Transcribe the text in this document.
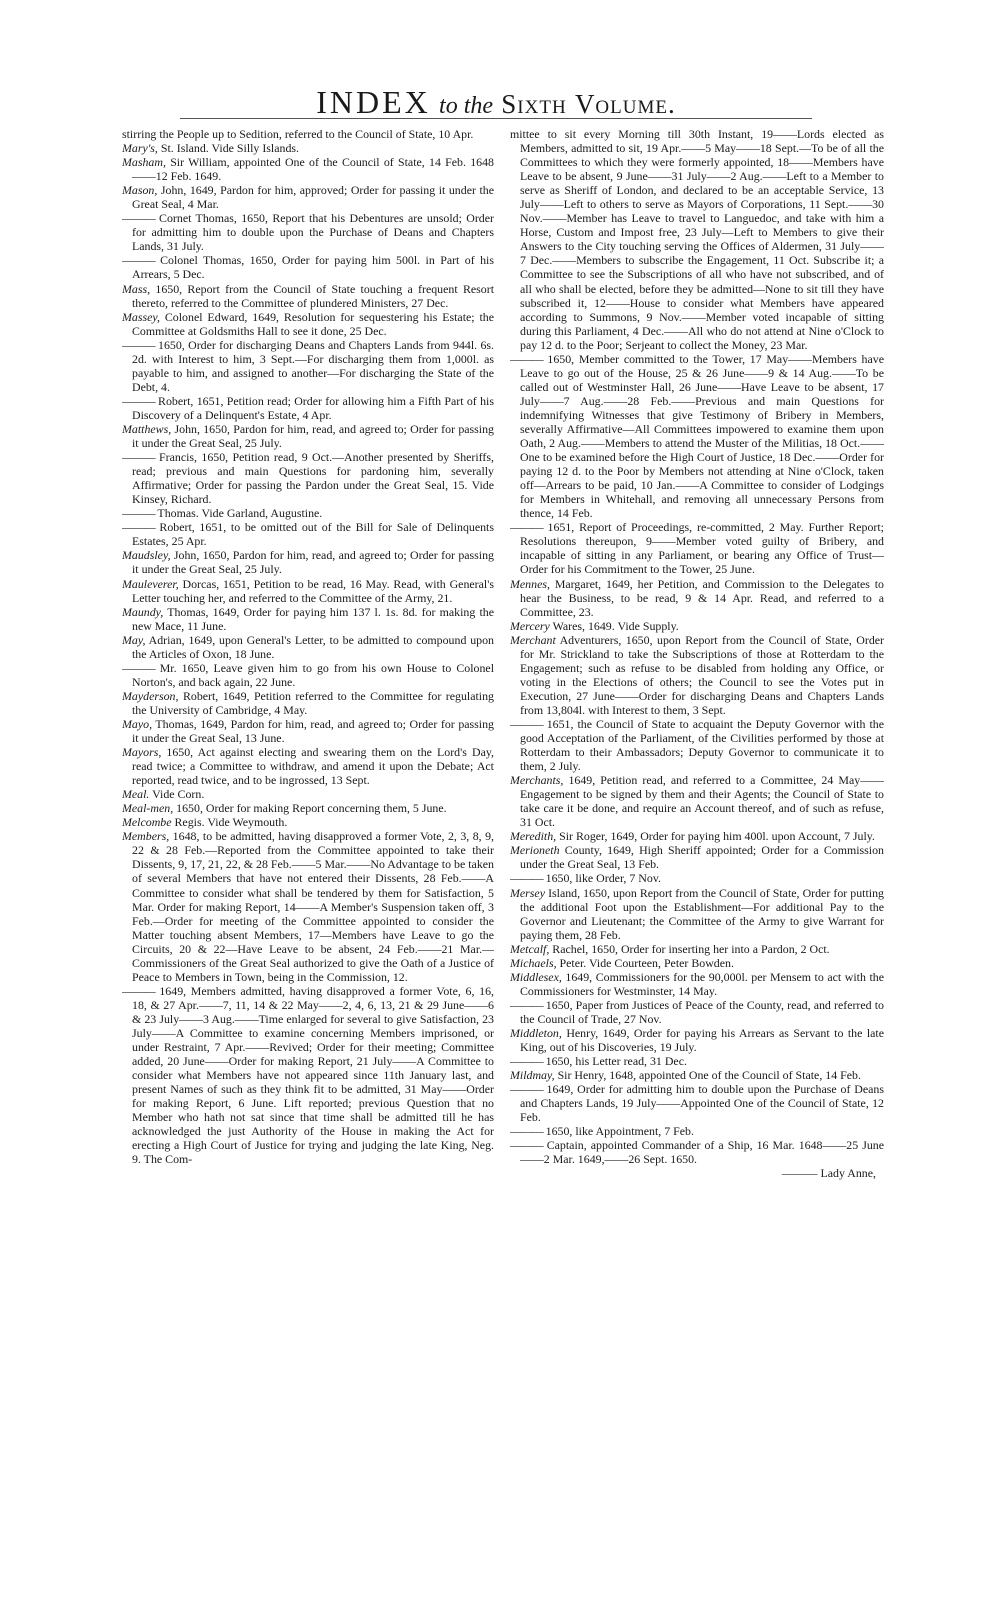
INDEX to the Sixth Volume.

stirring the People up to Sedition, referred to the Council of State, 10 Apr.

Mary's, St. Island. Vide Silly Islands.

Masham, Sir William, appointed One of the Council of State, 14 Feb. 1648——12 Feb. 1649.

Mason, John, 1649, Pardon for him, approved; Order for passing it under the Great Seal, 4 Mar.

——— Cornet Thomas, 1650, Report that his Debentures are unsold; Order for admitting him to double upon the Purchase of Deans and Chapters Lands, 31 July.

——— Colonel Thomas, 1650, Order for paying him 500l. in Part of his Arrears, 5 Dec.

Mass, 1650, Report from the Council of State touching a frequent Resort thereto, referred to the Committee of plundered Ministers, 27 Dec.

Massey, Colonel Edward, 1649, Resolution for sequestering his Estate; the Committee at Goldsmiths Hall to see it done, 25 Dec.

——— 1650, Order for discharging Deans and Chapters Lands from 944l. 6s. 2d. with Interest to him, 3 Sept.—For discharging them from 1,000l. as payable to him, and assigned to another—For discharging the State of the Debt, 4.

——— Robert, 1651, Petition read; Order for allowing him a Fifth Part of his Discovery of a Delinquent's Estate, 4 Apr.

Matthews, John, 1650, Pardon for him, read, and agreed to; Order for passing it under the Great Seal, 25 July.

——— Francis, 1650, Petition read, 9 Oct.—Another presented by Sheriffs, read; previous and main Questions for pardoning him, severally Affirmative; Order for passing the Pardon under the Great Seal, 15. Vide Kinsey, Richard.

——— Thomas. Vide Garland, Augustine.

——— Robert, 1651, to be omitted out of the Bill for Sale of Delinquents Estates, 25 Apr.

Maudsley, John, 1650, Pardon for him, read, and agreed to; Order for passing it under the Great Seal, 25 July.

Mauleverer, Dorcas, 1651, Petition to be read, 16 May. Read, with General's Letter touching her, and referred to the Committee of the Army, 21.

Maundy, Thomas, 1649, Order for paying him 137 l. 1s. 8d. for making the new Mace, 11 June.

May, Adrian, 1649, upon General's Letter, to be admitted to compound upon the Articles of Oxon, 18 June.

——— Mr. 1650, Leave given him to go from his own House to Colonel Norton's, and back again, 22 June.

Mayderson, Robert, 1649, Petition referred to the Committee for regulating the University of Cambridge, 4 May.

Mayo, Thomas, 1649, Pardon for him, read, and agreed to; Order for passing it under the Great Seal, 13 June.

Mayors, 1650, Act against electing and swearing them on the Lord's Day, read twice; a Committee to withdraw, and amend it upon the Debate; Act reported, read twice, and to be ingrossed, 13 Sept.

Meal. Vide Corn.

Meal-men, 1650, Order for making Report concerning them, 5 June.

Melcombe Regis. Vide Weymouth.

Members, 1648, to be admitted, having disapproved a former Vote, 2, 3, 8, 9, 22 & 28 Feb.—Reported from the Committee appointed to take their Dissents, 9, 17, 21, 22, & 28 Feb.——5 Mar.——No Advantage to be taken of several Members that have not entered their Dissents, 28 Feb.——A Committee to consider what shall be tendered by them for Satisfaction, 5 Mar. Order for making Report, 14——A Member's Suspension taken off, 3 Feb.—Order for meeting of the Committee appointed to consider the Matter touching absent Members, 17—Members have Leave to go the Circuits, 20 & 22—Have Leave to be absent, 24 Feb.——21 Mar.—Commissioners of the Great Seal authorized to give the Oath of a Justice of Peace to Members in Town, being in the Commission, 12.

——— 1649, Members admitted, having disapproved a former Vote, 6, 16, 18, & 27 Apr.——7, 11, 14 & 22 May——2, 4, 6, 13, 21 & 29 June——6 & 23 July——3 Aug.——Time enlarged for several to give Satisfaction, 23 July——A Committee to examine concerning Members imprisoned, or under Restraint, 7 Apr.——Revived; Order for their meeting; Committee added, 20 June——Order for making Report, 21 July——A Committee to consider what Members have not appeared since 11th January last, and present Names of such as they think fit to be admitted, 31 May——Order for making Report, 6 June. Lift reported; previous Question that no Member who hath not sat since that time shall be admitted till he has acknowledged the just Authority of the House in making the Act for erecting a High Court of Justice for trying and judging the late King, Neg. 9. The Com-

mittee to sit every Morning till 30th Instant, 19——Lords elected as Members, admitted to sit, 19 Apr.——5 May——18 Sept.—To be of all the Committees to which they were formerly appointed, 18——Members have Leave to be absent, 9 June——31 July——2 Aug.——Left to a Member to serve as Sheriff of London, and declared to be an acceptable Service, 13 July——Left to others to serve as Mayors of Corporations, 11 Sept.——30 Nov.——Member has Leave to travel to Languedoc, and take with him a Horse, Custom and Impost free, 23 July—Left to Members to give their Answers to the City touching serving the Offices of Aldermen, 31 July——7 Dec.——Members to subscribe the Engagement, 11 Oct. Subscribe it; a Committee to see the Subscriptions of all who have not subscribed, and of all who shall be elected, before they be admitted—None to sit till they have subscribed it, 12——House to consider what Members have appeared according to Summons, 9 Nov.——Member voted incapable of sitting during this Parliament, 4 Dec.——All who do not attend at Nine o'Clock to pay 12 d. to the Poor; Serjeant to collect the Money, 23 Mar.

——— 1650, Member committed to the Tower, 17 May——Members have Leave to go out of the House, 25 & 26 June——9 & 14 Aug.——To be called out of Westminster Hall, 26 June——Have Leave to be absent, 17 July——7 Aug.——28 Feb.——Previous and main Questions for indemnifying Witnesses that give Testimony of Bribery in Members, severally Affirmative—All Committees impowered to examine them upon Oath, 2 Aug.——Members to attend the Muster of the Militias, 18 Oct.——One to be examined before the High Court of Justice, 18 Dec.——Order for paying 12 d. to the Poor by Members not attending at Nine o'Clock, taken off—Arrears to be paid, 10 Jan.——A Committee to consider of Lodgings for Members in Whitehall, and removing all unnecessary Persons from thence, 14 Feb.

——— 1651, Report of Proceedings, re-committed, 2 May. Further Report; Resolutions thereupon, 9——Member voted guilty of Bribery, and incapable of sitting in any Parliament, or bearing any Office of Trust—Order for his Commitment to the Tower, 25 June.

Mennes, Margaret, 1649, her Petition, and Commission to the Delegates to hear the Business, to be read, 9 & 14 Apr. Read, and referred to a Committee, 23.

Mercery Wares, 1649. Vide Supply.

Merchant Adventurers, 1650, upon Report from the Council of State, Order for Mr. Strickland to take the Subscriptions of those at Rotterdam to the Engagement; such as refuse to be disabled from holding any Office, or voting in the Elections of others; the Council to see the Votes put in Execution, 27 June——Order for discharging Deans and Chapters Lands from 13,804l. with Interest to them, 3 Sept.

——— 1651, the Council of State to acquaint the Deputy Governor with the good Acceptation of the Parliament, of the Civilities performed by those at Rotterdam to their Ambassadors; Deputy Governor to communicate it to them, 2 July.

Merchants, 1649, Petition read, and referred to a Committee, 24 May——Engagement to be signed by them and their Agents; the Council of State to take care it be done, and require an Account thereof, and of such as refuse, 31 Oct.

Meredith, Sir Roger, 1649, Order for paying him 400l. upon Account, 7 July.

Merioneth County, 1649, High Sheriff appointed; Order for a Commission under the Great Seal, 13 Feb.

——— 1650, like Order, 7 Nov.

Mersey Island, 1650, upon Report from the Council of State, Order for putting the additional Foot upon the Establishment—For additional Pay to the Governor and Lieutenant; the Committee of the Army to give Warrant for paying them, 28 Feb.

Metcalf, Rachel, 1650, Order for inserting her into a Pardon, 2 Oct.

Michaels, Peter. Vide Courteen, Peter Bowden.

Middlesex, 1649, Commissioners for the 90,000l. per Mensem to act with the Commissioners for Westminster, 14 May.

——— 1650, Paper from Justices of Peace of the County, read, and referred to the Council of Trade, 27 Nov.

Middleton, Henry, 1649, Order for paying his Arrears as Servant to the late King, out of his Discoveries, 19 July.

——— 1650, his Letter read, 31 Dec.

Mildmay, Sir Henry, 1648, appointed One of the Council of State, 14 Feb.

——— 1649, Order for admitting him to double upon the Purchase of Deans and Chapters Lands, 19 July——Appointed One of the Council of State, 12 Feb.

——— 1650, like Appointment, 7 Feb.

——— Captain, appointed Commander of a Ship, 16 Mar. 1648——25 June——2 Mar. 1649,——26 Sept. 1650.

——— Lady Anne,
